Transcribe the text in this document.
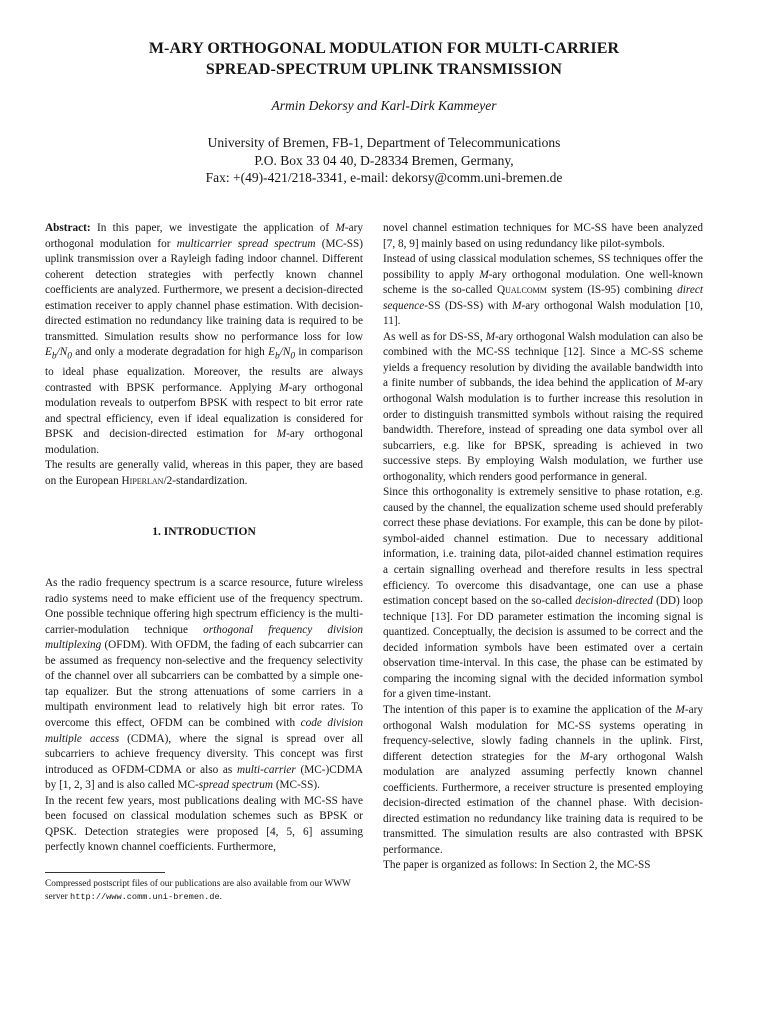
M-ARY ORTHOGONAL MODULATION FOR MULTI-CARRIER
SPREAD-SPECTRUM UPLINK TRANSMISSION
Armin Dekorsy and Karl-Dirk Kammeyer
University of Bremen, FB-1, Department of Telecommunications
P.O. Box 33 04 40, D-28334 Bremen, Germany,
Fax: +(49)-421/218-3341, e-mail: dekorsy@comm.uni-bremen.de

Abstract: In this paper, we investigate the application of M-ary orthogonal modulation for multicarrier spread spectrum (MC-SS) uplink transmission over a Rayleigh fading indoor channel. Different coherent detection strategies with perfectly known channel coefficients are analyzed. Furthermore, we present a decision-directed estimation receiver to apply channel phase estimation. With decision-directed estimation no redundancy like training data is required to be transmitted. Simulation results show no performance loss for low $E_b/N_0$ and only a moderate degradation for high $E_b/N_0$ in comparison to ideal phase equalization. Moreover, the results are always contrasted with BPSK performance. Applying M-ary orthogonal modulation reveals to outperfom BPSK with respect to bit error rate and spectral efficiency, even if ideal equalization is considered for BPSK and decision-directed estimation for M-ary orthogonal modulation.

The results are generally valid, whereas in this paper, they are based on the European Hiperlan/2-standardization.

1. INTRODUCTION

As the radio frequency spectrum is a scarce resource, future wireless radio systems need to make efficient use of the frequency spectrum. One possible technique offering high spectrum efficiency is the multi-carrier-modulation technique orthogonal frequency division multiplexing (OFDM). With OFDM, the fading of each subcarrier can be assumed as frequency non-selective and the frequency selectivity of the channel over all subcarriers can be combatted by a simple one-tap equalizer. But the strong attenuations of some carriers in a multipath environment lead to relatively high bit error rates. To overcome this effect, OFDM can be combined with code division multiple access (CDMA), where the signal is spread over all subcarriers to achieve frequency diversity. This concept was first introduced as OFDM-CDMA or also as multi-carrier (MC-)CDMA by [1, 2, 3] and is also called MC-spread spectrum (MC-SS).

In the recent few years, most publications dealing with MC-SS have been focused on classical modulation schemes such as BPSK or QPSK. Detection strategies were proposed [4, 5, 6] assuming perfectly known channel coefficients. Furthermore,

Compressed postscript files of our publications are also available from our WWW server http://www.comm.uni-bremen.de.

novel channel estimation techniques for MC-SS have been analyzed [7, 8, 9] mainly based on using redundancy like pilot-symbols.

Instead of using classical modulation schemes, SS techniques offer the possibility to apply M-ary orthogonal modulation. One well-known scheme is the so-called Qualcomm system (IS-95) combining direct sequence-SS (DS-SS) with M-ary orthogonal Walsh modulation [10, 11].

As well as for DS-SS, M-ary orthogonal Walsh modulation can also be combined with the MC-SS technique [12]. Since a MC-SS scheme yields a frequency resolution by dividing the available bandwidth into a finite number of subbands, the idea behind the application of M-ary orthogonal Walsh modulation is to further increase this resolution in order to distinguish transmitted symbols without raising the required bandwidth. Therefore, instead of spreading one data symbol over all subcarriers, e.g. like for BPSK, spreading is achieved in two successive steps. By employing Walsh modulation, we further use orthogonality, which renders good performance in general.

Since this orthogonality is extremely sensitive to phase rotation, e.g. caused by the channel, the equalization scheme used should preferably correct these phase deviations. For example, this can be done by pilot-symbol-aided channel estimation. Due to necessary additional information, i.e. training data, pilot-aided channel estimation requires a certain signalling overhead and therefore results in less spectral efficiency. To overcome this disadvantage, one can use a phase estimation concept based on the so-called decision-directed (DD) loop technique [13]. For DD parameter estimation the incoming signal is quantized. Conceptually, the decision is assumed to be correct and the decided information symbols have been estimated over a certain observation time-interval. In this case, the phase can be estimated by comparing the incoming signal with the decided information symbol for a given time-instant.

The intention of this paper is to examine the application of the M-ary orthogonal Walsh modulation for MC-SS systems operating in frequency-selective, slowly fading channels in the uplink. First, different detection strategies for the M-ary orthogonal Walsh modulation are analyzed assuming perfectly known channel coefficients. Furthermore, a receiver structure is presented employing decision-directed estimation of the channel phase. With decision-directed estimation no redundancy like training data is required to be transmitted. The simulation results are also contrasted with BPSK performance.

The paper is organized as follows: In Section 2, the MC-SS
